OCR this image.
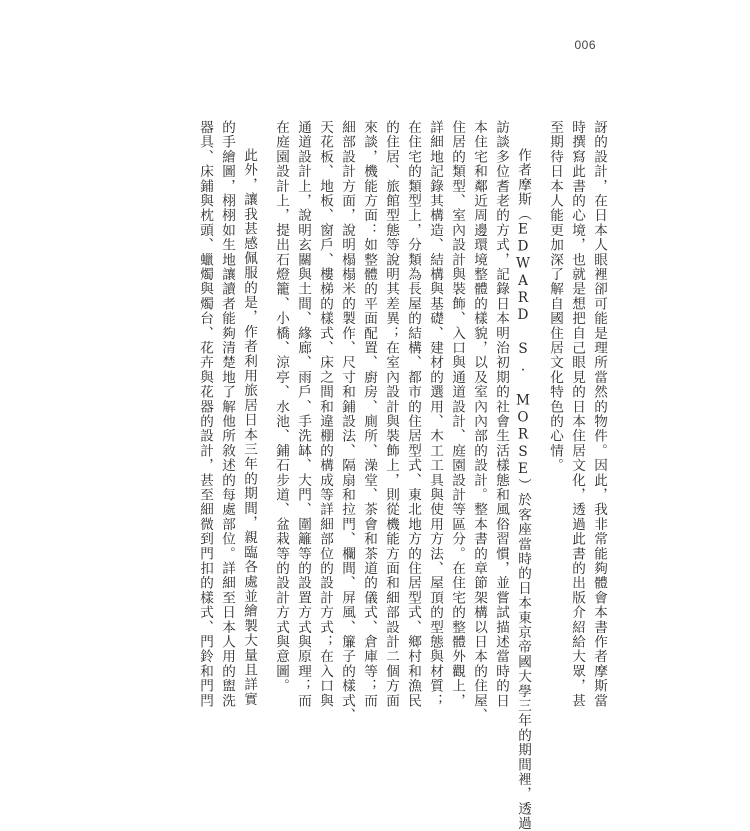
006
訝的設計，在日本人眼裡卻可能是理所當然的物件。因此，我非常能夠體會本書作者摩斯當
時撰寫此書的心境，也就是想把自己眼見的日本住居文化，透過此書的出版介紹給大眾，甚
至期待日本人能更加深了解自國住居文化特色的心情。
作者摩斯（EDWARD S. MORSE）於客座當時的日本東京帝國大學三年的期間裡，透過
訪談多位耆老的方式，記錄日本明治初期的社會生活樣態和風俗習慣，並嘗試描述當時的日
本住宅和鄰近周邊環境整體的樣貌，以及室內內部的設計。整本書的章節架構以日本的住屋、
住居的類型、室內設計與裝飾、入口與通道設計、庭園設計等區分。在住宅的整體外觀上，
詳細地記錄其構造、結構與基礎、建材的選用、木工工具與使用方法、屋頂的型態與材質；
在住宅的類型上，分類為長屋的結構、都市的住居型式、東北地方的住居型式、鄉村和漁民
的住居、旅館型態等說明其差異；在室內設計與裝飾上，則從機能方面和細部設計二個方面
來談，機能方面：如整體的平面配置、廚房、廁所、澡堂、茶會和茶道的儀式、倉庫等；而
細部設計方面，說明榻榻米的製作、尺寸和鋪設法、隔扇和拉門、欄間、屏風、簾子的樣式、
天花板、地板、窗戶、樓梯的樣式、床之間和違棚的構成等詳細部位的設計方式；在入口與
通道設計上，說明玄關與土間、緣廊、雨戶、手洗缽、大門、圍籬等的設置方式與原理；而
在庭園設計上，提出石燈籠、小橋、涼亭、水池、鋪石步道、盆栽等的設計方式與意圖。
此外，讓我甚感佩服的是，作者利用旅居日本三年的期間，親臨各處並繪製大量且詳實
的手繪圖，栩栩如生地讓讀者能夠清楚地了解他所敘述的每處部位。詳細至日本人用的盥洗
器具、床鋪與枕頭、蠟燭與燭台、花卉與花器的設計，甚至細微到門扣的樣式、門鈴和門閂
